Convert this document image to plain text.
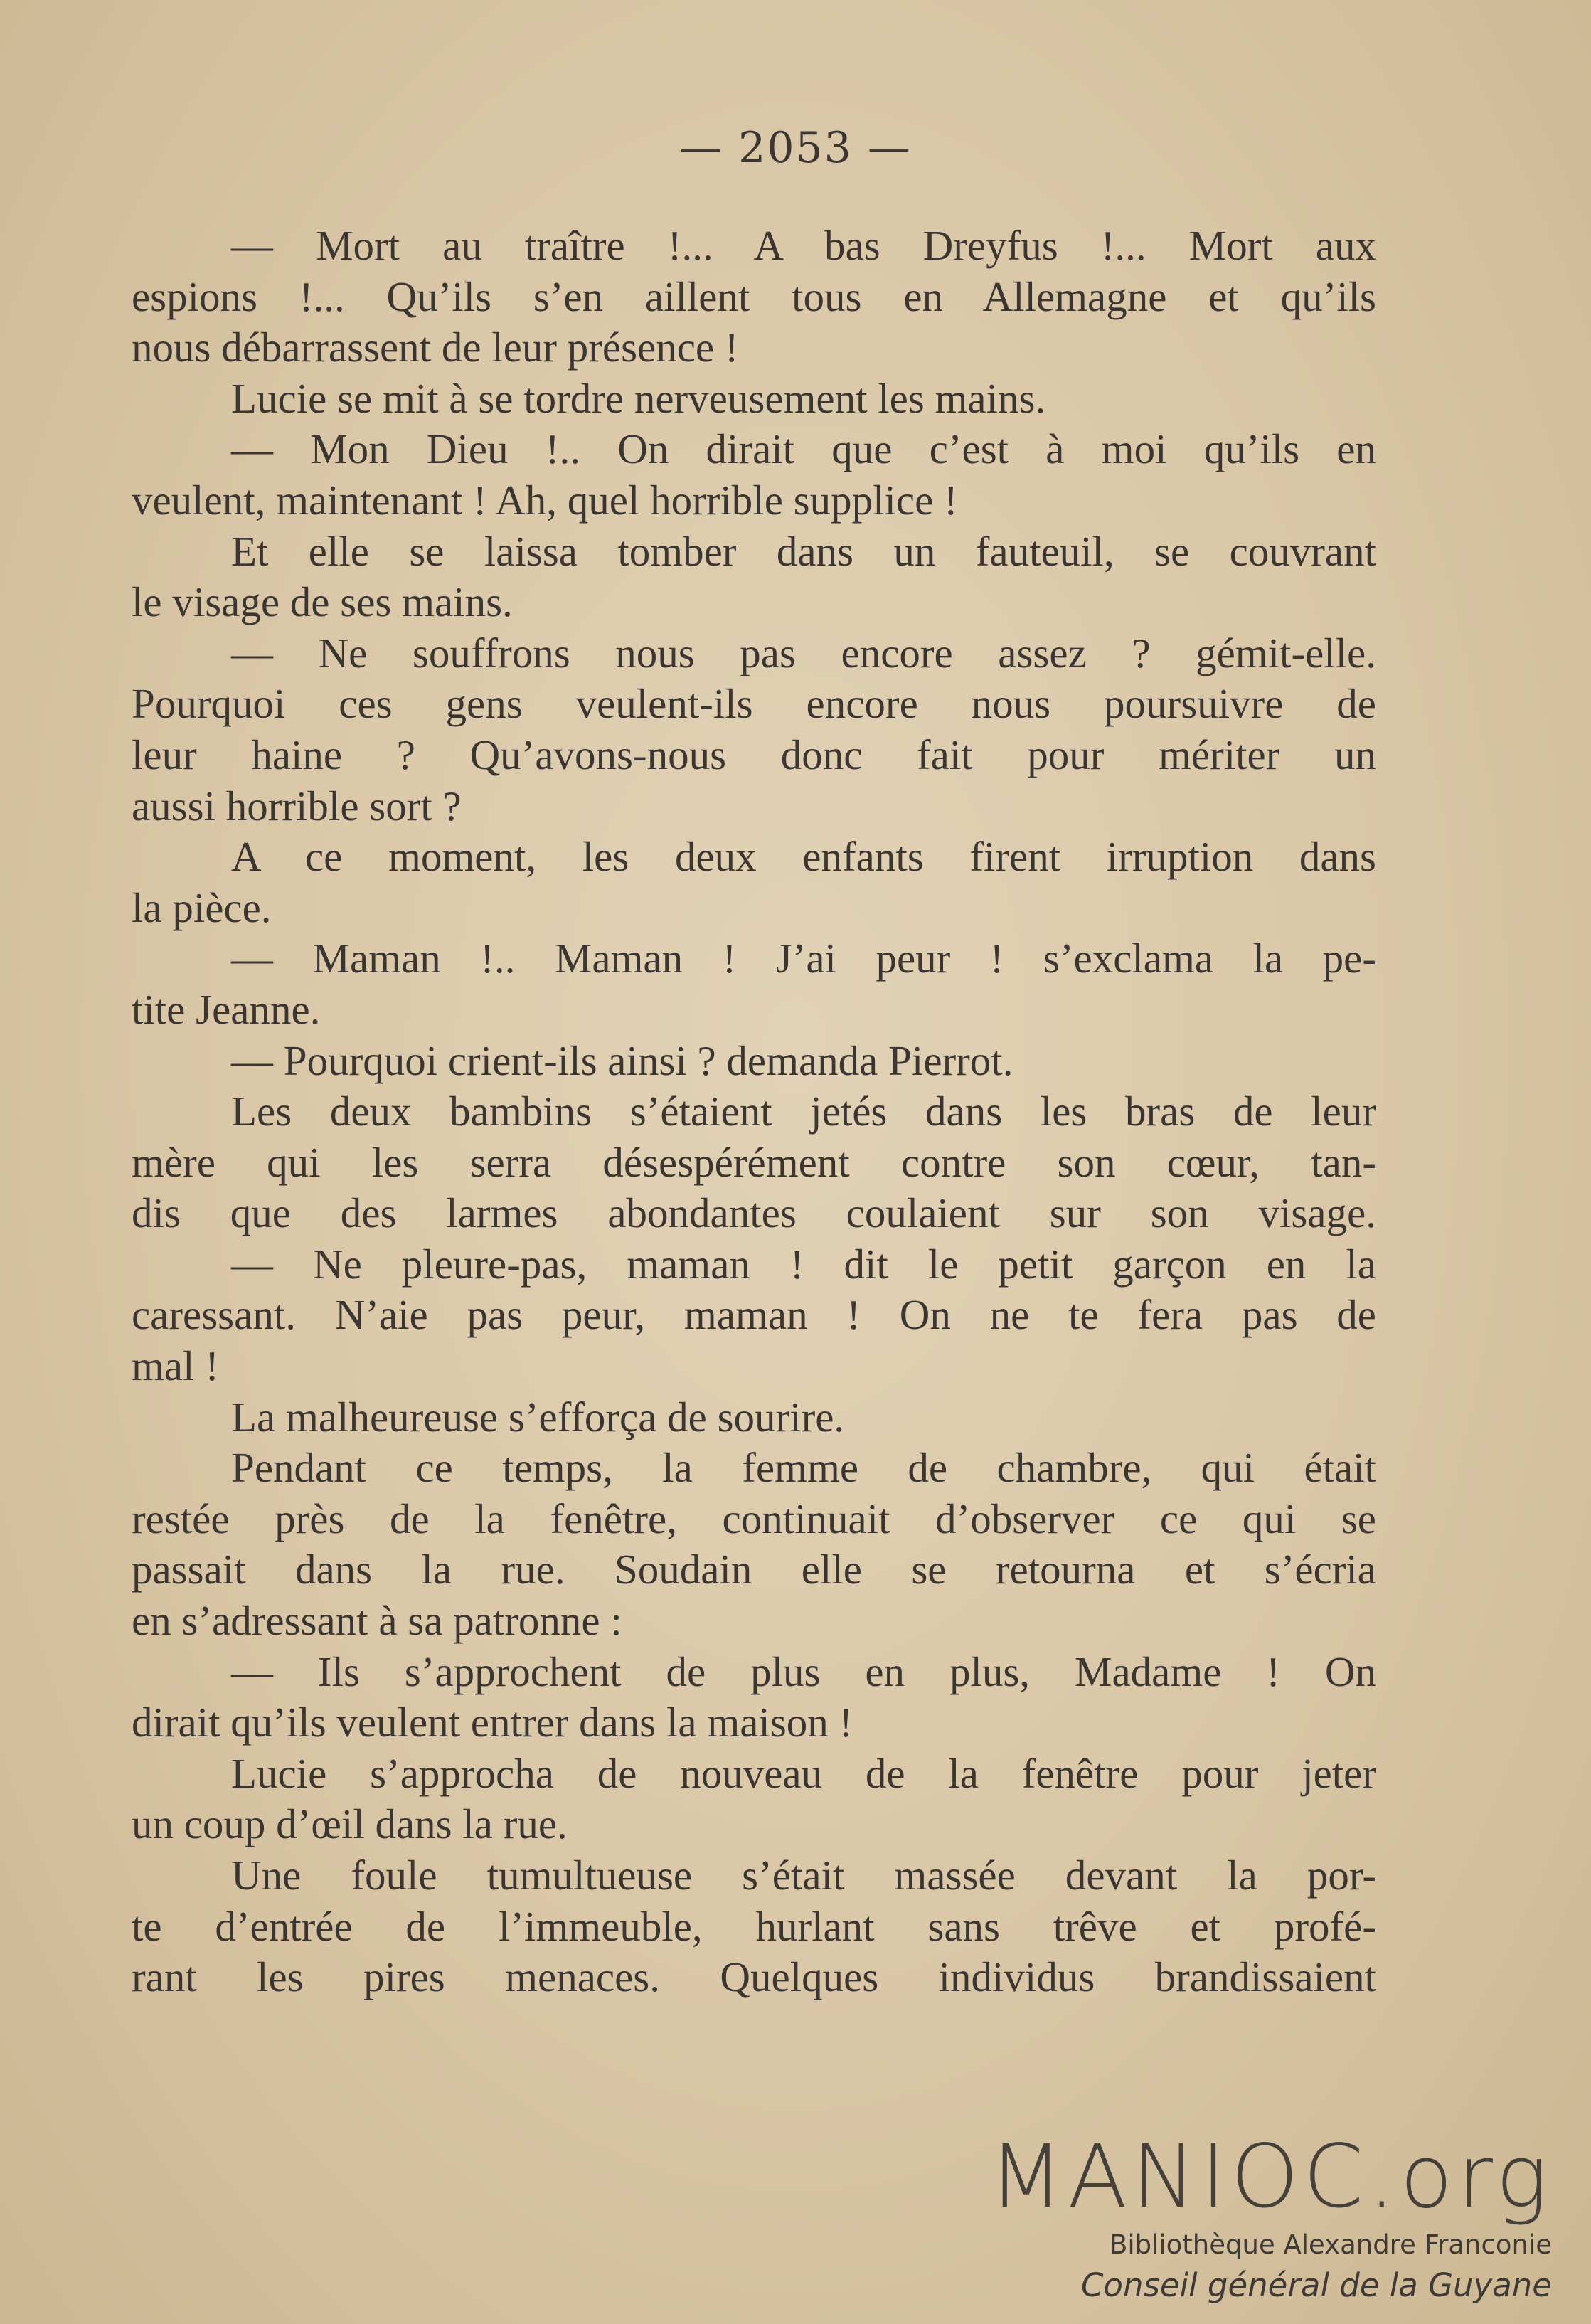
— 2053 —
— Mort au traître !... A bas Dreyfus !... Mort aux
espions !... Qu’ils s’en aillent tous en Allemagne et qu’ils
nous débarrassent de leur présence !
Lucie se mit à se tordre nerveusement les mains.
— Mon Dieu !.. On dirait que c’est à moi qu’ils en
veulent, maintenant ! Ah, quel horrible supplice !
Et elle se laissa tomber dans un fauteuil, se couvrant
le visage de ses mains.
— Ne souffrons nous pas encore assez ? gémit-elle.
Pourquoi ces gens veulent-ils encore nous poursuivre de
leur haine ? Qu’avons-nous donc fait pour mériter un
aussi horrible sort ?
A ce moment, les deux enfants firent irruption dans
la pièce.
— Maman !.. Maman ! J’ai peur ! s’exclama la pe-
tite Jeanne.
— Pourquoi crient-ils ainsi ? demanda Pierrot.
Les deux bambins s’étaient jetés dans les bras de leur
mère qui les serra désespérément contre son cœur, tan-
dis que des larmes abondantes coulaient sur son visage.
— Ne pleure-pas, maman ! dit le petit garçon en la
caressant. N’aie pas peur, maman ! On ne te fera pas de
mal !
La malheureuse s’efforça de sourire.
Pendant ce temps, la femme de chambre, qui était
restée près de la fenêtre, continuait d’observer ce qui se
passait dans la rue. Soudain elle se retourna et s’écria
en s’adressant à sa patronne :
— Ils s’approchent de plus en plus, Madame ! On
dirait qu’ils veulent entrer dans la maison !
Lucie s’approcha de nouveau de la fenêtre pour jeter
un coup d’œil dans la rue.
Une foule tumultueuse s’était massée devant la por-
te d’entrée de l’immeuble, hurlant sans trêve et profé-
rant les pires menaces. Quelques individus brandissaient
MANIOC.org
Bibliothèque Alexandre Franconie
Conseil général de la Guyane
